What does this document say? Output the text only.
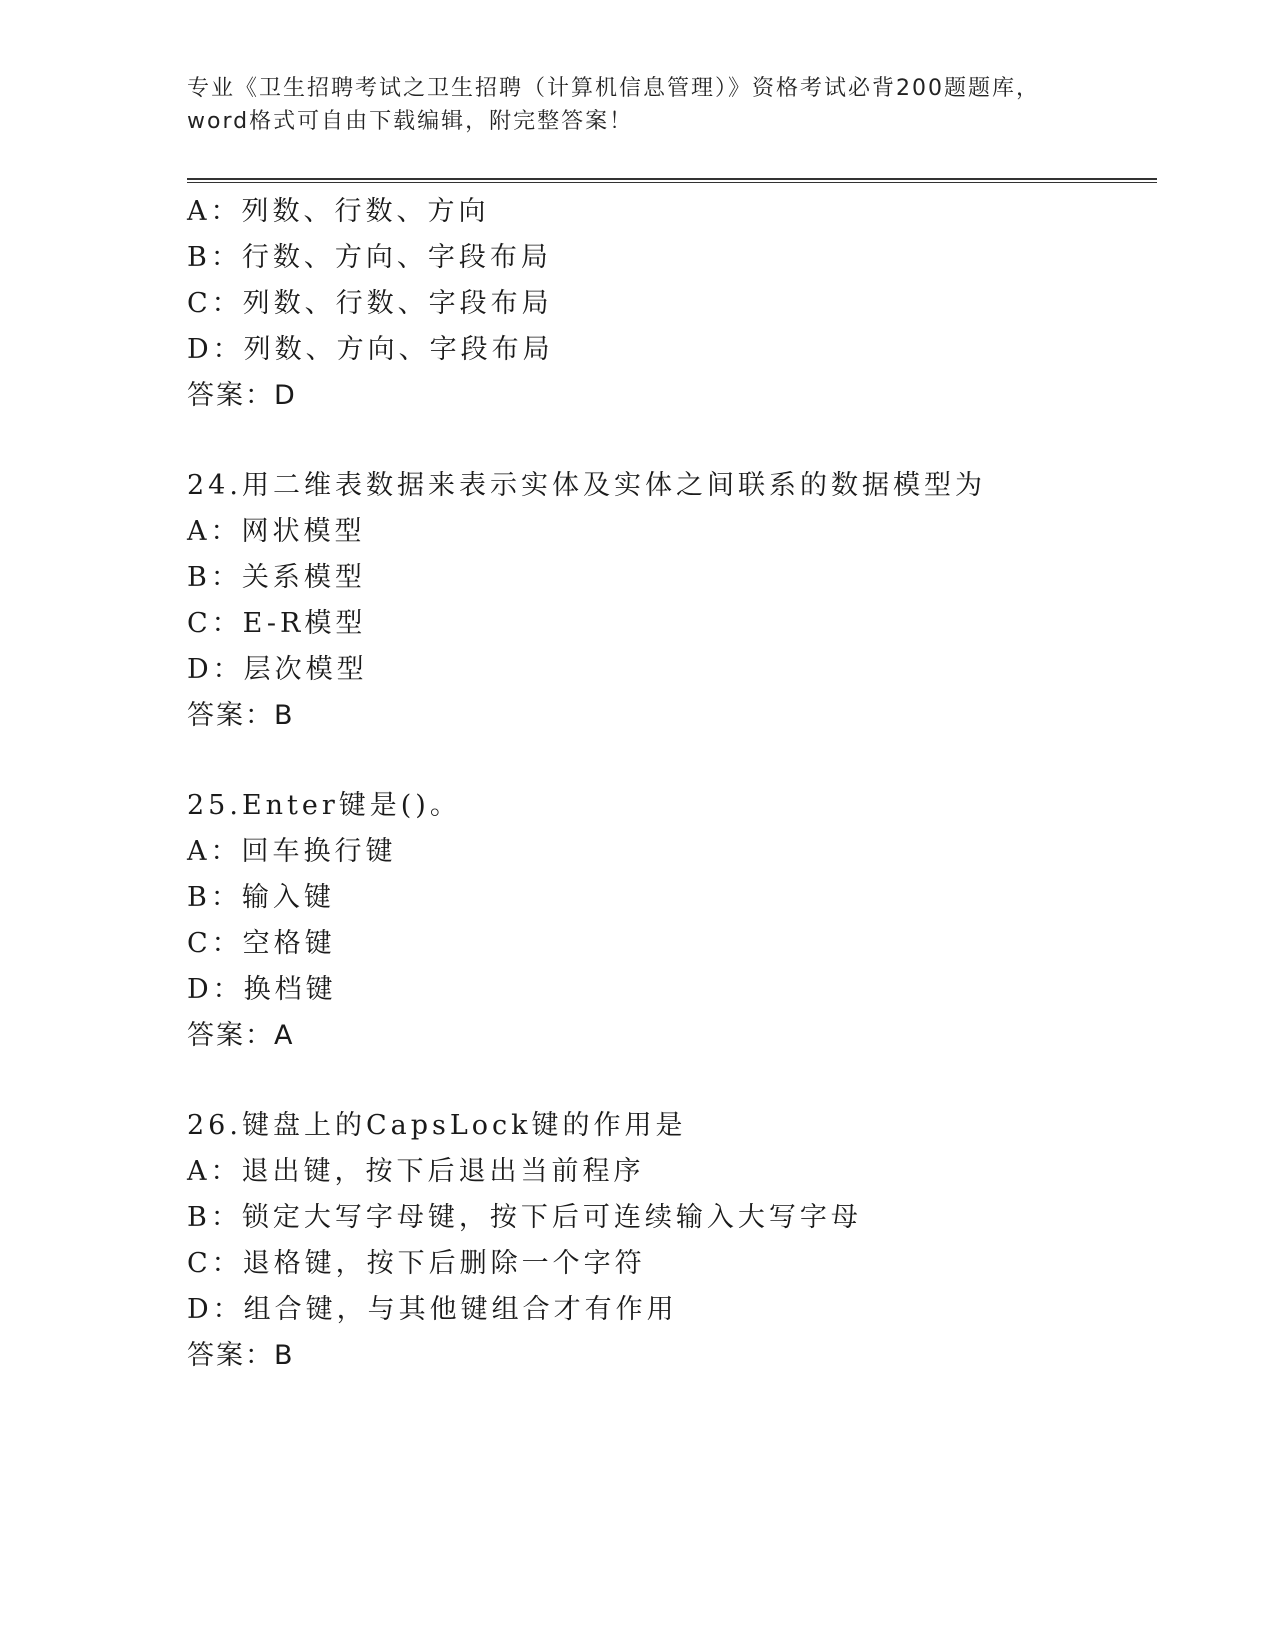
专业《卫生招聘考试之卫生招聘（计算机信息管理）》资格考试必背200题题库，
word格式可自由下载编辑，附完整答案！
A：列数、行数、方向
B：行数、方向、字段布局
C：列数、行数、字段布局
D：列数、方向、字段布局
答案：D
24.用二维表数据来表示实体及实体之间联系的数据模型为
A：网状模型
B：关系模型
C：E-R模型
D：层次模型
答案：B
25.Enter键是()。
A：回车换行键
B：输入键
C：空格键
D：换档键
答案：A
26.键盘上的CapsLock键的作用是
A：退出键，按下后退出当前程序
B：锁定大写字母键，按下后可连续输入大写字母
C：退格键，按下后删除一个字符
D：组合键，与其他键组合才有作用
答案：B
